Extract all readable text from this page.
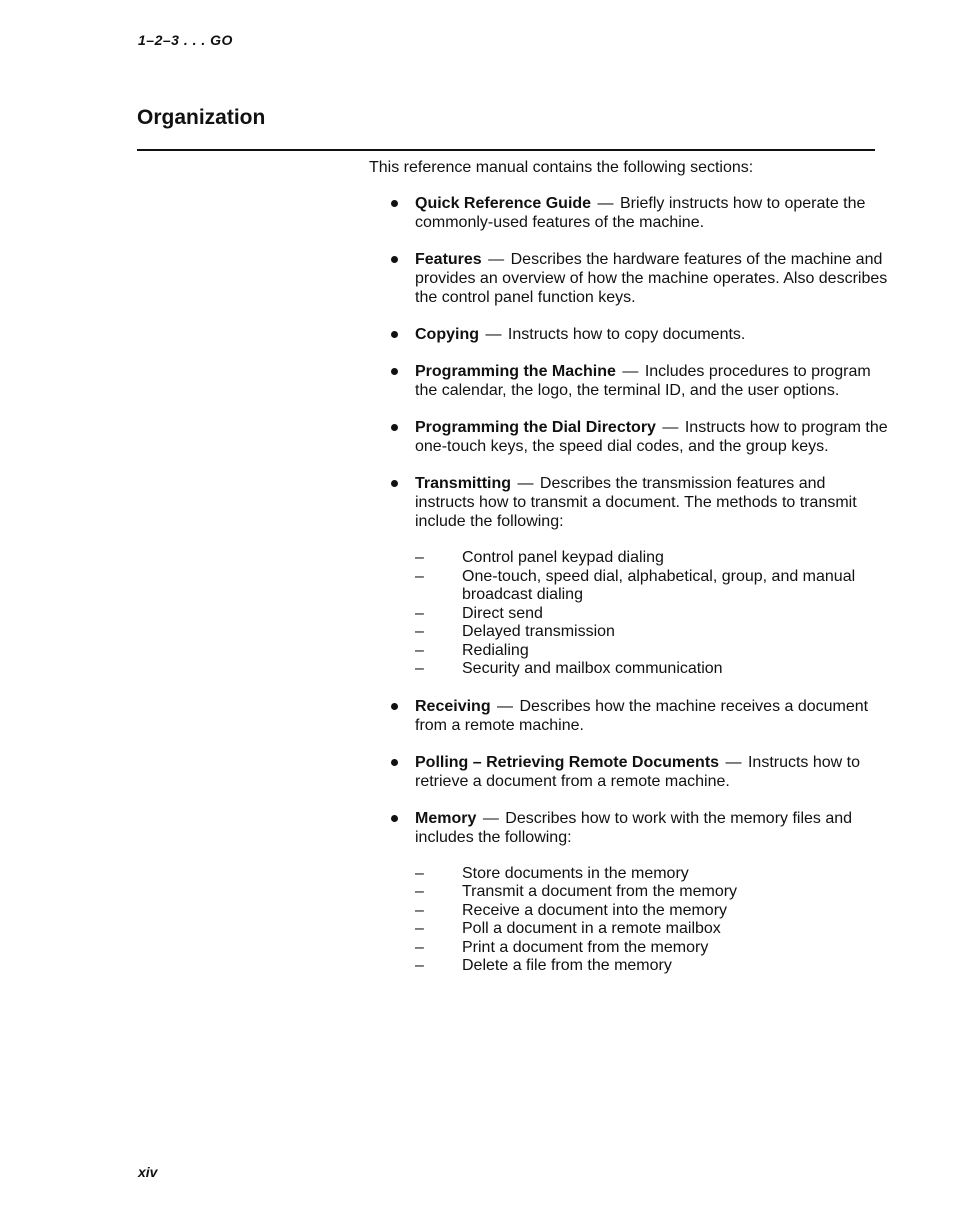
1–2–3 . . . GO

Organization

This reference manual contains the following sections:

Quick Reference Guide — Briefly instructs how to operate the commonly-used features of the machine.
Features — Describes the hardware features of the machine and provides an overview of how the machine operates. Also describes the control panel function keys.
Copying — Instructs how to copy documents.
Programming the Machine — Includes procedures to program the calendar, the logo, the terminal ID, and the user options.
Programming the Dial Directory — Instructs how to program the one-touch keys, the speed dial codes, and the group keys.
Transmitting — Describes the transmission features and instructs how to transmit a document. The methods to transmit include the following:
– Control panel keypad dialing
– One-touch, speed dial, alphabetical, group, and manual broadcast dialing
– Direct send
– Delayed transmission
– Redialing
– Security and mailbox communication
Receiving — Describes how the machine receives a document from a remote machine.
Polling – Retrieving Remote Documents — Instructs how to retrieve a document from a remote machine.
Memory — Describes how to work with the memory files and includes the following:
– Store documents in the memory
– Transmit a document from the memory
– Receive a document into the memory
– Poll a document in a remote mailbox
– Print a document from the memory
– Delete a file from the memory

xiv
